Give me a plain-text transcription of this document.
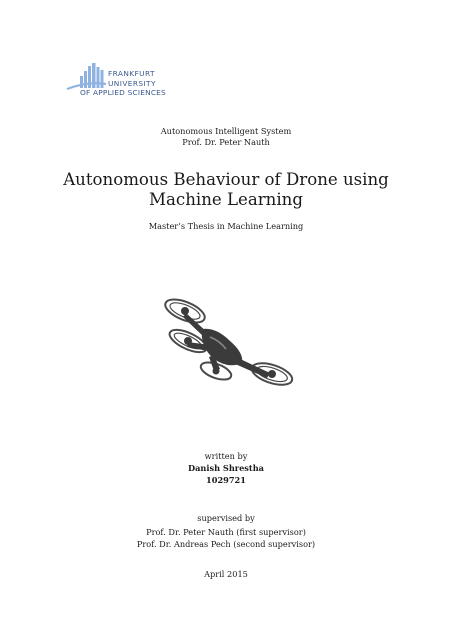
FRANKFURT
UNIVERSITY
OF APPLIED SCIENCES
Autonomous Intelligent System
Prof. Dr. Peter Nauth
Autonomous Behaviour of Drone using
Machine Learning
Master’s Thesis in Machine Learning
written by
Danish Shrestha
1029721
supervised by
Prof. Dr. Peter Nauth (first supervisor)
Prof. Dr. Andreas Pech (second supervisor)
April 2015
